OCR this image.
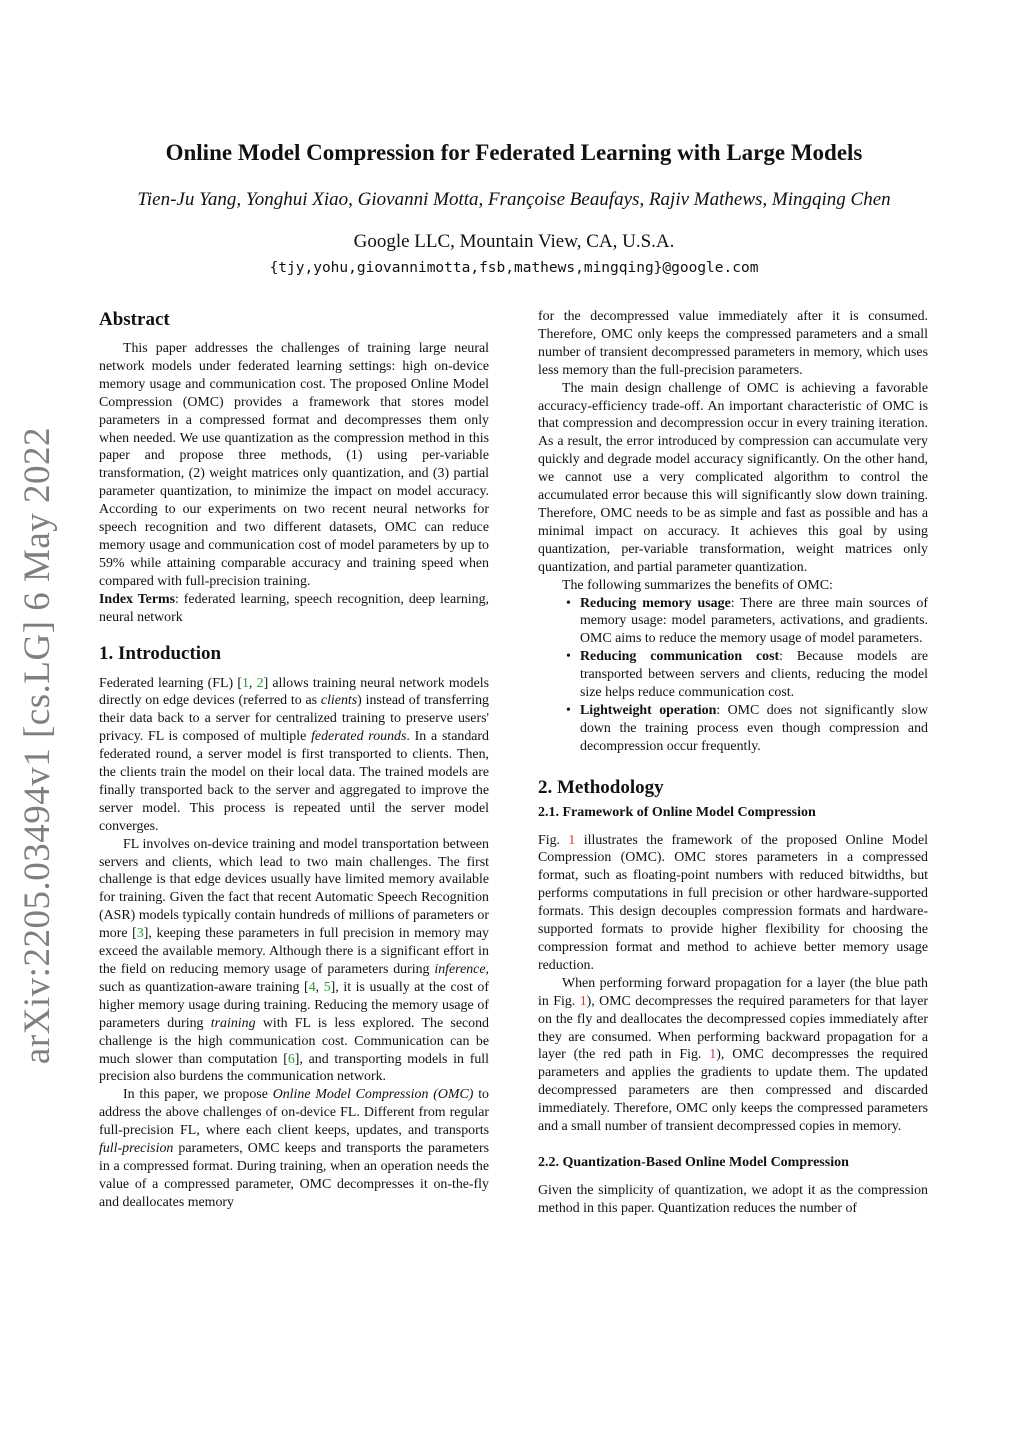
arXiv:2205.03494v1 [cs.LG] 6 May 2022
Online Model Compression for Federated Learning with Large Models

Tien-Ju Yang, Yonghui Xiao, Giovanni Motta, Françoise Beaufays, Rajiv Mathews, Mingqing Chen

Google LLC, Mountain View, CA, U.S.A.

{tjy,yohu,giovannimotta,fsb,mathews,mingqing}@google.com

Abstract

This paper addresses the challenges of training large neural network models under federated learning settings: high on-device memory usage and communication cost. The proposed Online Model Compression (OMC) provides a framework that stores model parameters in a compressed format and decompresses them only when needed. We use quantization as the compression method in this paper and propose three methods, (1) using per-variable transformation, (2) weight matrices only quantization, and (3) partial parameter quantization, to minimize the impact on model accuracy. According to our experiments on two recent neural networks for speech recognition and two different datasets, OMC can reduce memory usage and communication cost of model parameters by up to 59% while attaining comparable accuracy and training speed when compared with full-precision training.

Index Terms: federated learning, speech recognition, deep learning, neural network

1. Introduction

Federated learning (FL) [1, 2] allows training neural network models directly on edge devices (referred to as clients) instead of transferring their data back to a server for centralized training to preserve users' privacy. FL is composed of multiple federated rounds. In a standard federated round, a server model is first transported to clients. Then, the clients train the model on their local data. The trained models are finally transported back to the server and aggregated to improve the server model. This process is repeated until the server model converges.

FL involves on-device training and model transportation between servers and clients, which lead to two main challenges. The first challenge is that edge devices usually have limited memory available for training. Given the fact that recent Automatic Speech Recognition (ASR) models typically contain hundreds of millions of parameters or more [3], keeping these parameters in full precision in memory may exceed the available memory. Although there is a significant effort in the field on reducing memory usage of parameters during inference, such as quantization-aware training [4, 5], it is usually at the cost of higher memory usage during training. Reducing the memory usage of parameters during training with FL is less explored. The second challenge is the high communication cost. Communication can be much slower than computation [6], and transporting models in full precision also burdens the communication network.

In this paper, we propose Online Model Compression (OMC) to address the above challenges of on-device FL. Different from regular full-precision FL, where each client keeps, updates, and transports full-precision parameters, OMC keeps and transports the parameters in a compressed format. During training, when an operation needs the value of a compressed parameter, OMC decompresses it on-the-fly and deallocates memory

for the decompressed value immediately after it is consumed. Therefore, OMC only keeps the compressed parameters and a small number of transient decompressed parameters in memory, which uses less memory than the full-precision parameters.

The main design challenge of OMC is achieving a favorable accuracy-efficiency trade-off. An important characteristic of OMC is that compression and decompression occur in every training iteration. As a result, the error introduced by compression can accumulate very quickly and degrade model accuracy significantly. On the other hand, we cannot use a very complicated algorithm to control the accumulated error because this will significantly slow down training. Therefore, OMC needs to be as simple and fast as possible and has a minimal impact on accuracy. It achieves this goal by using quantization, per-variable transformation, weight matrices only quantization, and partial parameter quantization.

The following summarizes the benefits of OMC:

• Reducing memory usage: There are three main sources of memory usage: model parameters, activations, and gradients. OMC aims to reduce the memory usage of model parameters.
• Reducing communication cost: Because models are transported between servers and clients, reducing the model size helps reduce communication cost.
• Lightweight operation: OMC does not significantly slow down the training process even though compression and decompression occur frequently.

2. Methodology

2.1. Framework of Online Model Compression

Fig. 1 illustrates the framework of the proposed Online Model Compression (OMC). OMC stores parameters in a compressed format, such as floating-point numbers with reduced bitwidths, but performs computations in full precision or other hardware-supported formats. This design decouples compression formats and hardware-supported formats to provide higher flexibility for choosing the compression format and method to achieve better memory usage reduction.

When performing forward propagation for a layer (the blue path in Fig. 1), OMC decompresses the required parameters for that layer on the fly and deallocates the decompressed copies immediately after they are consumed. When performing backward propagation for a layer (the red path in Fig. 1), OMC decompresses the required parameters and applies the gradients to update them. The updated decompressed parameters are then compressed and discarded immediately. Therefore, OMC only keeps the compressed parameters and a small number of transient decompressed copies in memory.

2.2. Quantization-Based Online Model Compression

Given the simplicity of quantization, we adopt it as the compression method in this paper. Quantization reduces the number of
